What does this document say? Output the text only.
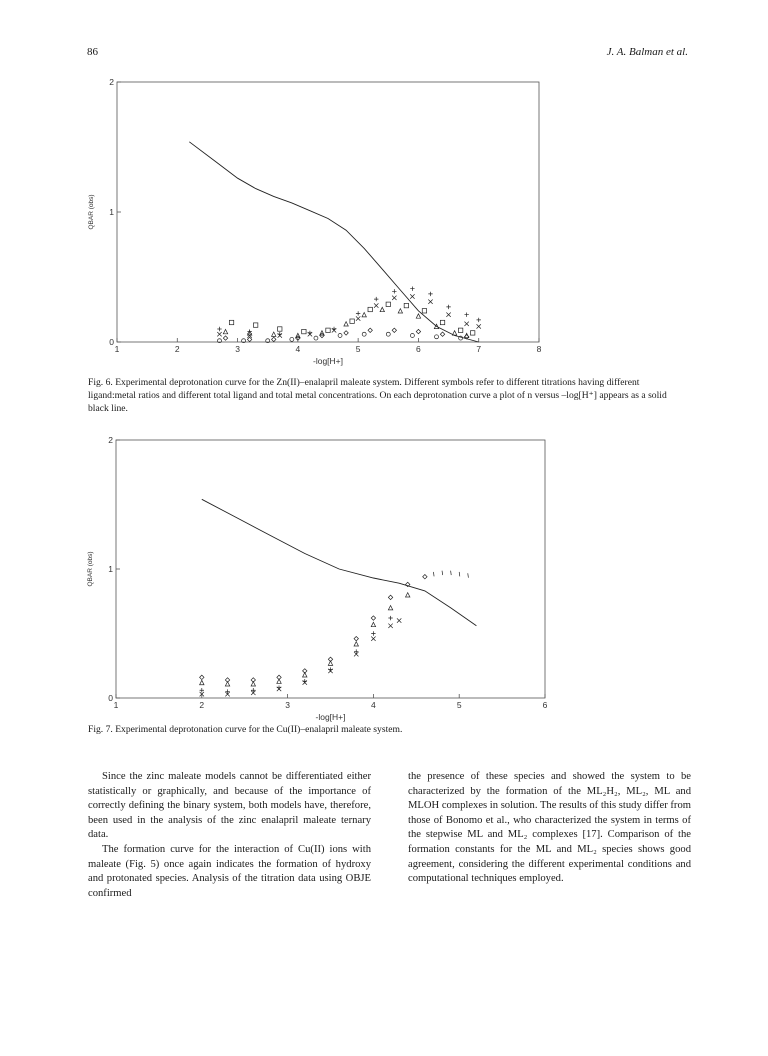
86	J. A. Balman et al.
1	2	3	4	5	6	7	8
0
1
2
-log[H+]
QBAR (obs)
Fig. 6. Experimental deprotonation curve for the Zn(II)–enalapril maleate system. Different symbols refer to different titrations having different ligand:metal ratios and different total ligand and total metal concentrations. On each deprotonation curve a plot of n versus –log[H⁺] appears as a solid black line.
1	2	3	4	5	6
0
1
2
-log[H+]
QBAR (obs)
Fig. 7. Experimental deprotonation curve for the Cu(II)–enalapril maleate system.

Since the zinc maleate models cannot be differentiated either statistically or graphically, and because of the importance of correctly defining the binary system, both models have, therefore, been used in the analysis of the zinc enalapril maleate ternary data.

The formation curve for the interaction of Cu(II) ions with maleate (Fig. 5) once again indicates the formation of hydroxy and protonated species. Analysis of the titration data using OBJE confirmed

the presence of these species and showed the system to be characterized by the formation of the ML₂H₂, ML₂, ML and MLOH complexes in solution. The results of this study differ from those of Bonomo et al., who characterized the system in terms of the stepwise ML and ML₂ complexes [17]. Comparison of the formation constants for the ML and ML₂ species shows good agreement, considering the different experimental conditions and computational techniques employed.
